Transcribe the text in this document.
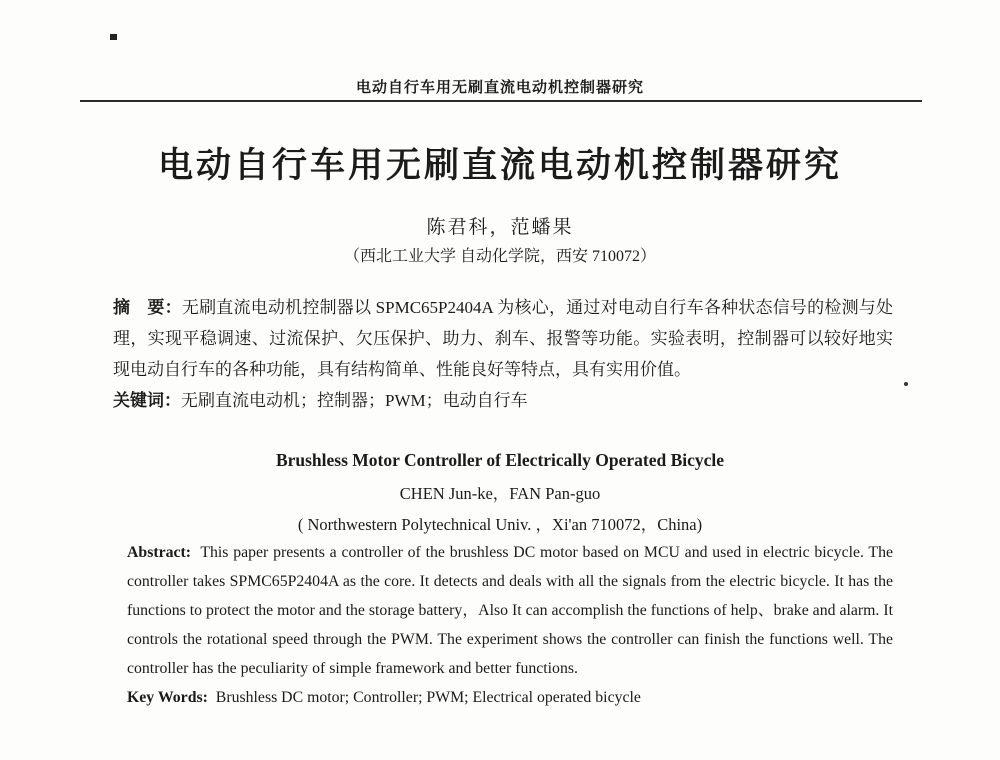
电动自行车用无刷直流电动机控制器研究
电动自行车用无刷直流电动机控制器研究
陈君科，范蟠果
（西北工业大学 自动化学院，西安 710072）

摘　要：无刷直流电动机控制器以 SPMC65P2404A 为核心，通过对电动自行车各种状态信号的检测与处理，实现平稳调速、过流保护、欠压保护、助力、刹车、报警等功能。实验表明，控制器可以较好地实现电动自行车的各种功能，具有结构简单、性能良好等特点，具有实用价值。

关键词：无刷直流电动机；控制器；PWM；电动自行车

Brushless Motor Controller of Electrically Operated Bicycle

CHEN Jun-ke，FAN Pan-guo

( Northwestern Polytechnical Univ. ，Xi'an 710072，China)

Abstract: This paper presents a controller of the brushless DC motor based on MCU and used in electric bicycle. The controller takes SPMC65P2404A as the core. It detects and deals with all the signals from the electric bicycle. It has the functions to protect the motor and the storage battery，Also It can accomplish the functions of help、brake and alarm. It controls the rotational speed through the PWM. The experiment shows the controller can finish the functions well. The controller has the peculiarity of simple framework and better functions.

Key Words: Brushless DC motor; Controller; PWM; Electrical operated bicycle
